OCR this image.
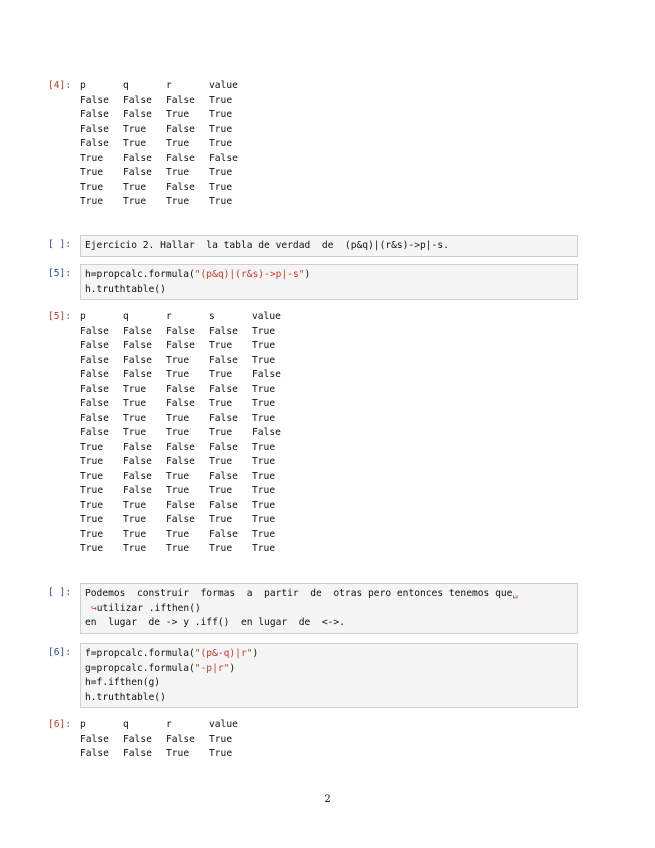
[4]: p	q	r	value
False	False	False	True
False	False	True	True
False	True	False	True
False	True	True	True
True	False	False	False
True	False	True	True
True	True	False	True
True	True	True	True
[ ]:	Ejercicio 2. Hallar  la tabla de verdad  de  (p&q)|(r&s)->p|-s.
[5]:	h=propcalc.formula("(p&q)|(r&s)->p|-s")
h.truthtable()
[5]: p	q	r	s	value
False	False	False	False	True
False	False	False	True	True
False	False	True	False	True
False	False	True	True	False
False	True	False	False	True
False	True	False	True	True
False	True	True	False	True
False	True	True	True	False
True	False	False	False	True
True	False	False	True	True
True	False	True	False	True
True	False	True	True	True
True	True	False	False	True
True	True	False	True	True
True	True	True	False	True
True	True	True	True	True
[ ]:	Podemos  construir  formas  a  partir  de  otras pero entonces tenemos que␣
↪utilizar .ifthen()
en  lugar  de -> y .iff()  en lugar  de  <->.
[6]:	f=propcalc.formula("(p&-q)|r")
g=propcalc.formula("-p|r")
h=f.ifthen(g)
h.truthtable()
[6]: p	q	r	value
False	False	False	True
False	False	True	True
2
